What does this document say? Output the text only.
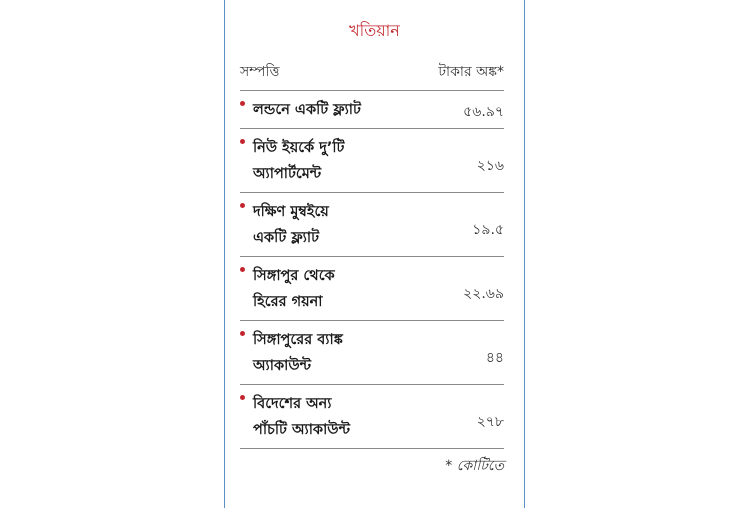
খতিয়ান
সম্পত্তি	টাকার অঙ্ক*
লন্ডনে একটি ফ্ল্যাট	৫৬.৯৭
নিউ ইয়র্কে দু’টি
অ্যাপার্টমেন্ট	২১৬
দক্ষিণ মুম্বইয়ে
একটি ফ্ল্যাট	১৯.৫
সিঙ্গাপুর থেকে
হিরের গয়না	২২.৬৯
সিঙ্গাপুরের ব্যাঙ্ক
অ্যাকাউন্ট	৪৪
বিদেশের অন্য
পাঁচটি অ্যাকাউন্ট	২৭৮
* কোটিতে
